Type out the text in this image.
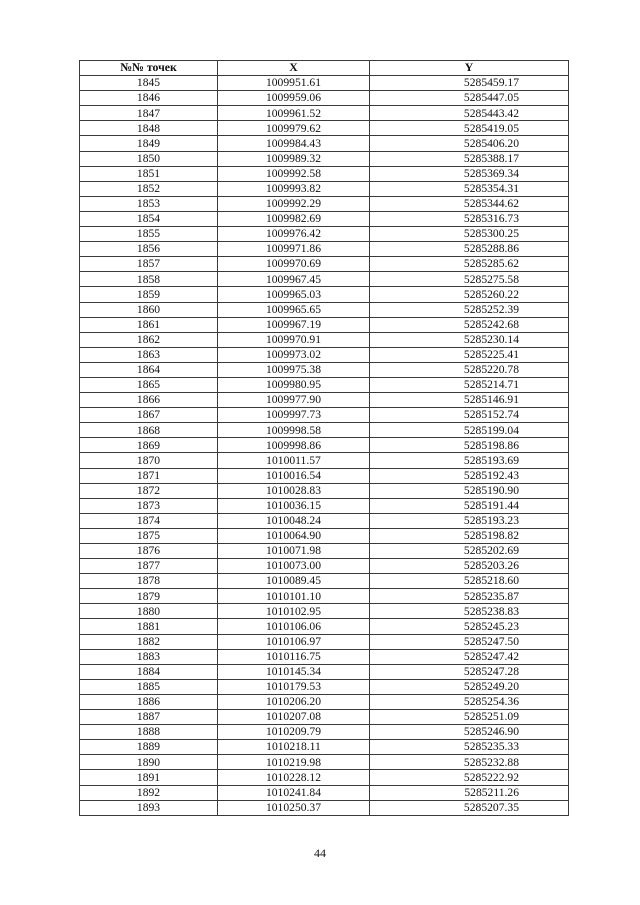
№№ точек	X	Y
1845	1009951.61	5285459.17
1846	1009959.06	5285447.05
1847	1009961.52	5285443.42
1848	1009979.62	5285419.05
1849	1009984.43	5285406.20
1850	1009989.32	5285388.17
1851	1009992.58	5285369.34
1852	1009993.82	5285354.31
1853	1009992.29	5285344.62
1854	1009982.69	5285316.73
1855	1009976.42	5285300.25
1856	1009971.86	5285288.86
1857	1009970.69	5285285.62
1858	1009967.45	5285275.58
1859	1009965.03	5285260.22
1860	1009965.65	5285252.39
1861	1009967.19	5285242.68
1862	1009970.91	5285230.14
1863	1009973.02	5285225.41
1864	1009975.38	5285220.78
1865	1009980.95	5285214.71
1866	1009977.90	5285146.91
1867	1009997.73	5285152.74
1868	1009998.58	5285199.04
1869	1009998.86	5285198.86
1870	1010011.57	5285193.69
1871	1010016.54	5285192.43
1872	1010028.83	5285190.90
1873	1010036.15	5285191.44
1874	1010048.24	5285193.23
1875	1010064.90	5285198.82
1876	1010071.98	5285202.69
1877	1010073.00	5285203.26
1878	1010089.45	5285218.60
1879	1010101.10	5285235.87
1880	1010102.95	5285238.83
1881	1010106.06	5285245.23
1882	1010106.97	5285247.50
1883	1010116.75	5285247.42
1884	1010145.34	5285247.28
1885	1010179.53	5285249.20
1886	1010206.20	5285254.36
1887	1010207.08	5285251.09
1888	1010209.79	5285246.90
1889	1010218.11	5285235.33
1890	1010219.98	5285232.88
1891	1010228.12	5285222.92
1892	1010241.84	5285211.26
1893	1010250.37	5285207.35
44
